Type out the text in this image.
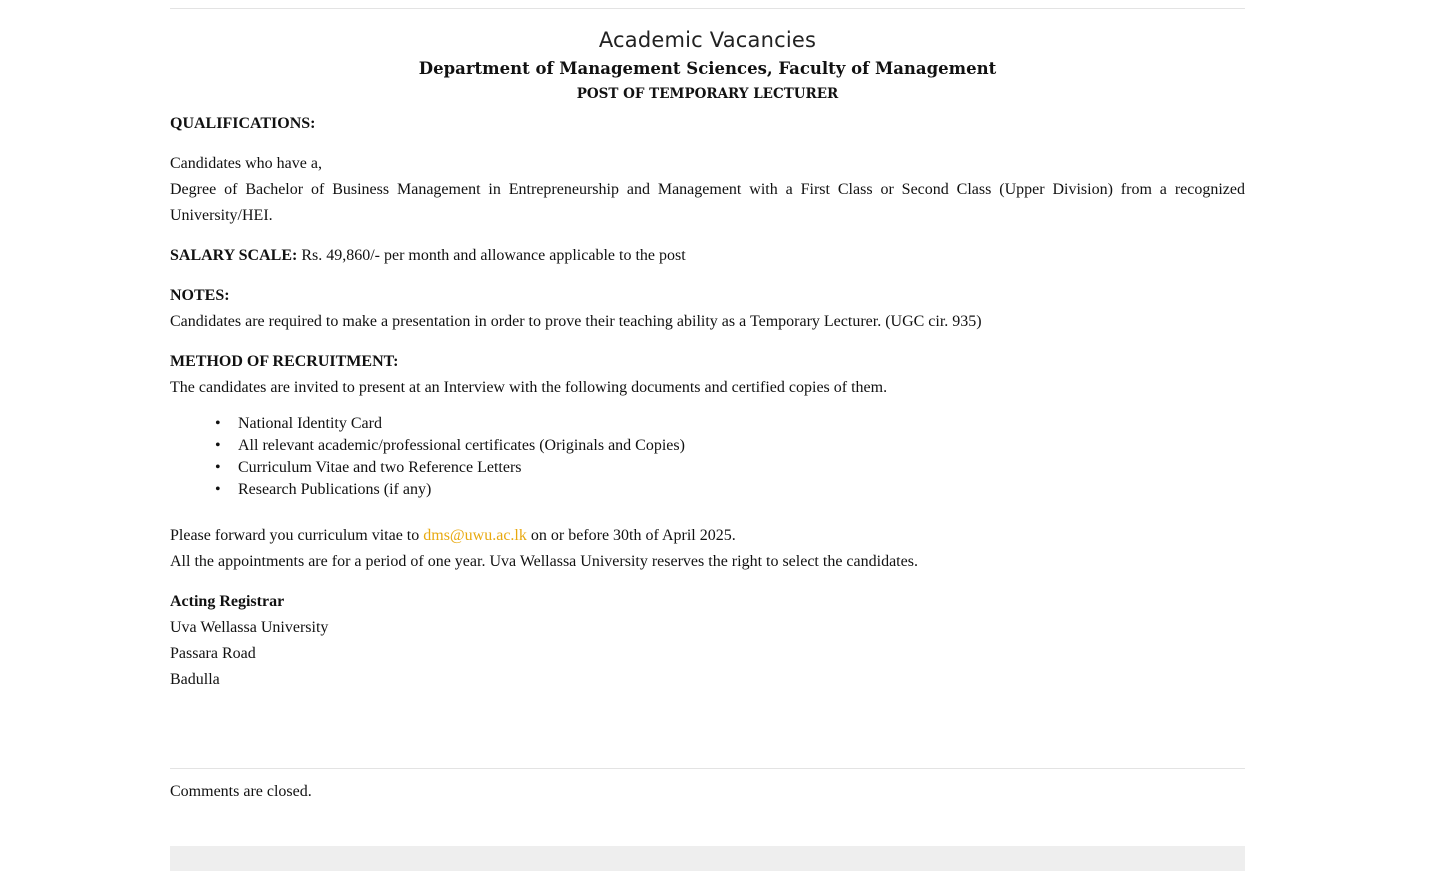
Academic Vacancies
Department of Management Sciences, Faculty of Management
POST OF TEMPORARY LECTURER

QUALIFICATIONS:

Candidates who have a,

Degree of Bachelor of Business Management in Entrepreneurship and Management with a First Class or Second Class (Upper Division) from a recognized University/HEI.

SALARY SCALE: Rs. 49,860/- per month and allowance applicable to the post

NOTES:

Candidates are required to make a presentation in order to prove their teaching ability as a Temporary Lecturer. (UGC cir. 935)

METHOD OF RECRUITMENT:

The candidates are invited to present at an Interview with the following documents and certified copies of them.

• National Identity Card
• All relevant academic/professional certificates (Originals and Copies)
• Curriculum Vitae and two Reference Letters
• Research Publications (if any)

Please forward you curriculum vitae to dms@uwu.ac.lk on or before 30th of April 2025.

All the appointments are for a period of one year. Uva Wellassa University reserves the right to select the candidates.

Acting Registrar

Uva Wellassa University

Passara Road

Badulla

Comments are closed.
